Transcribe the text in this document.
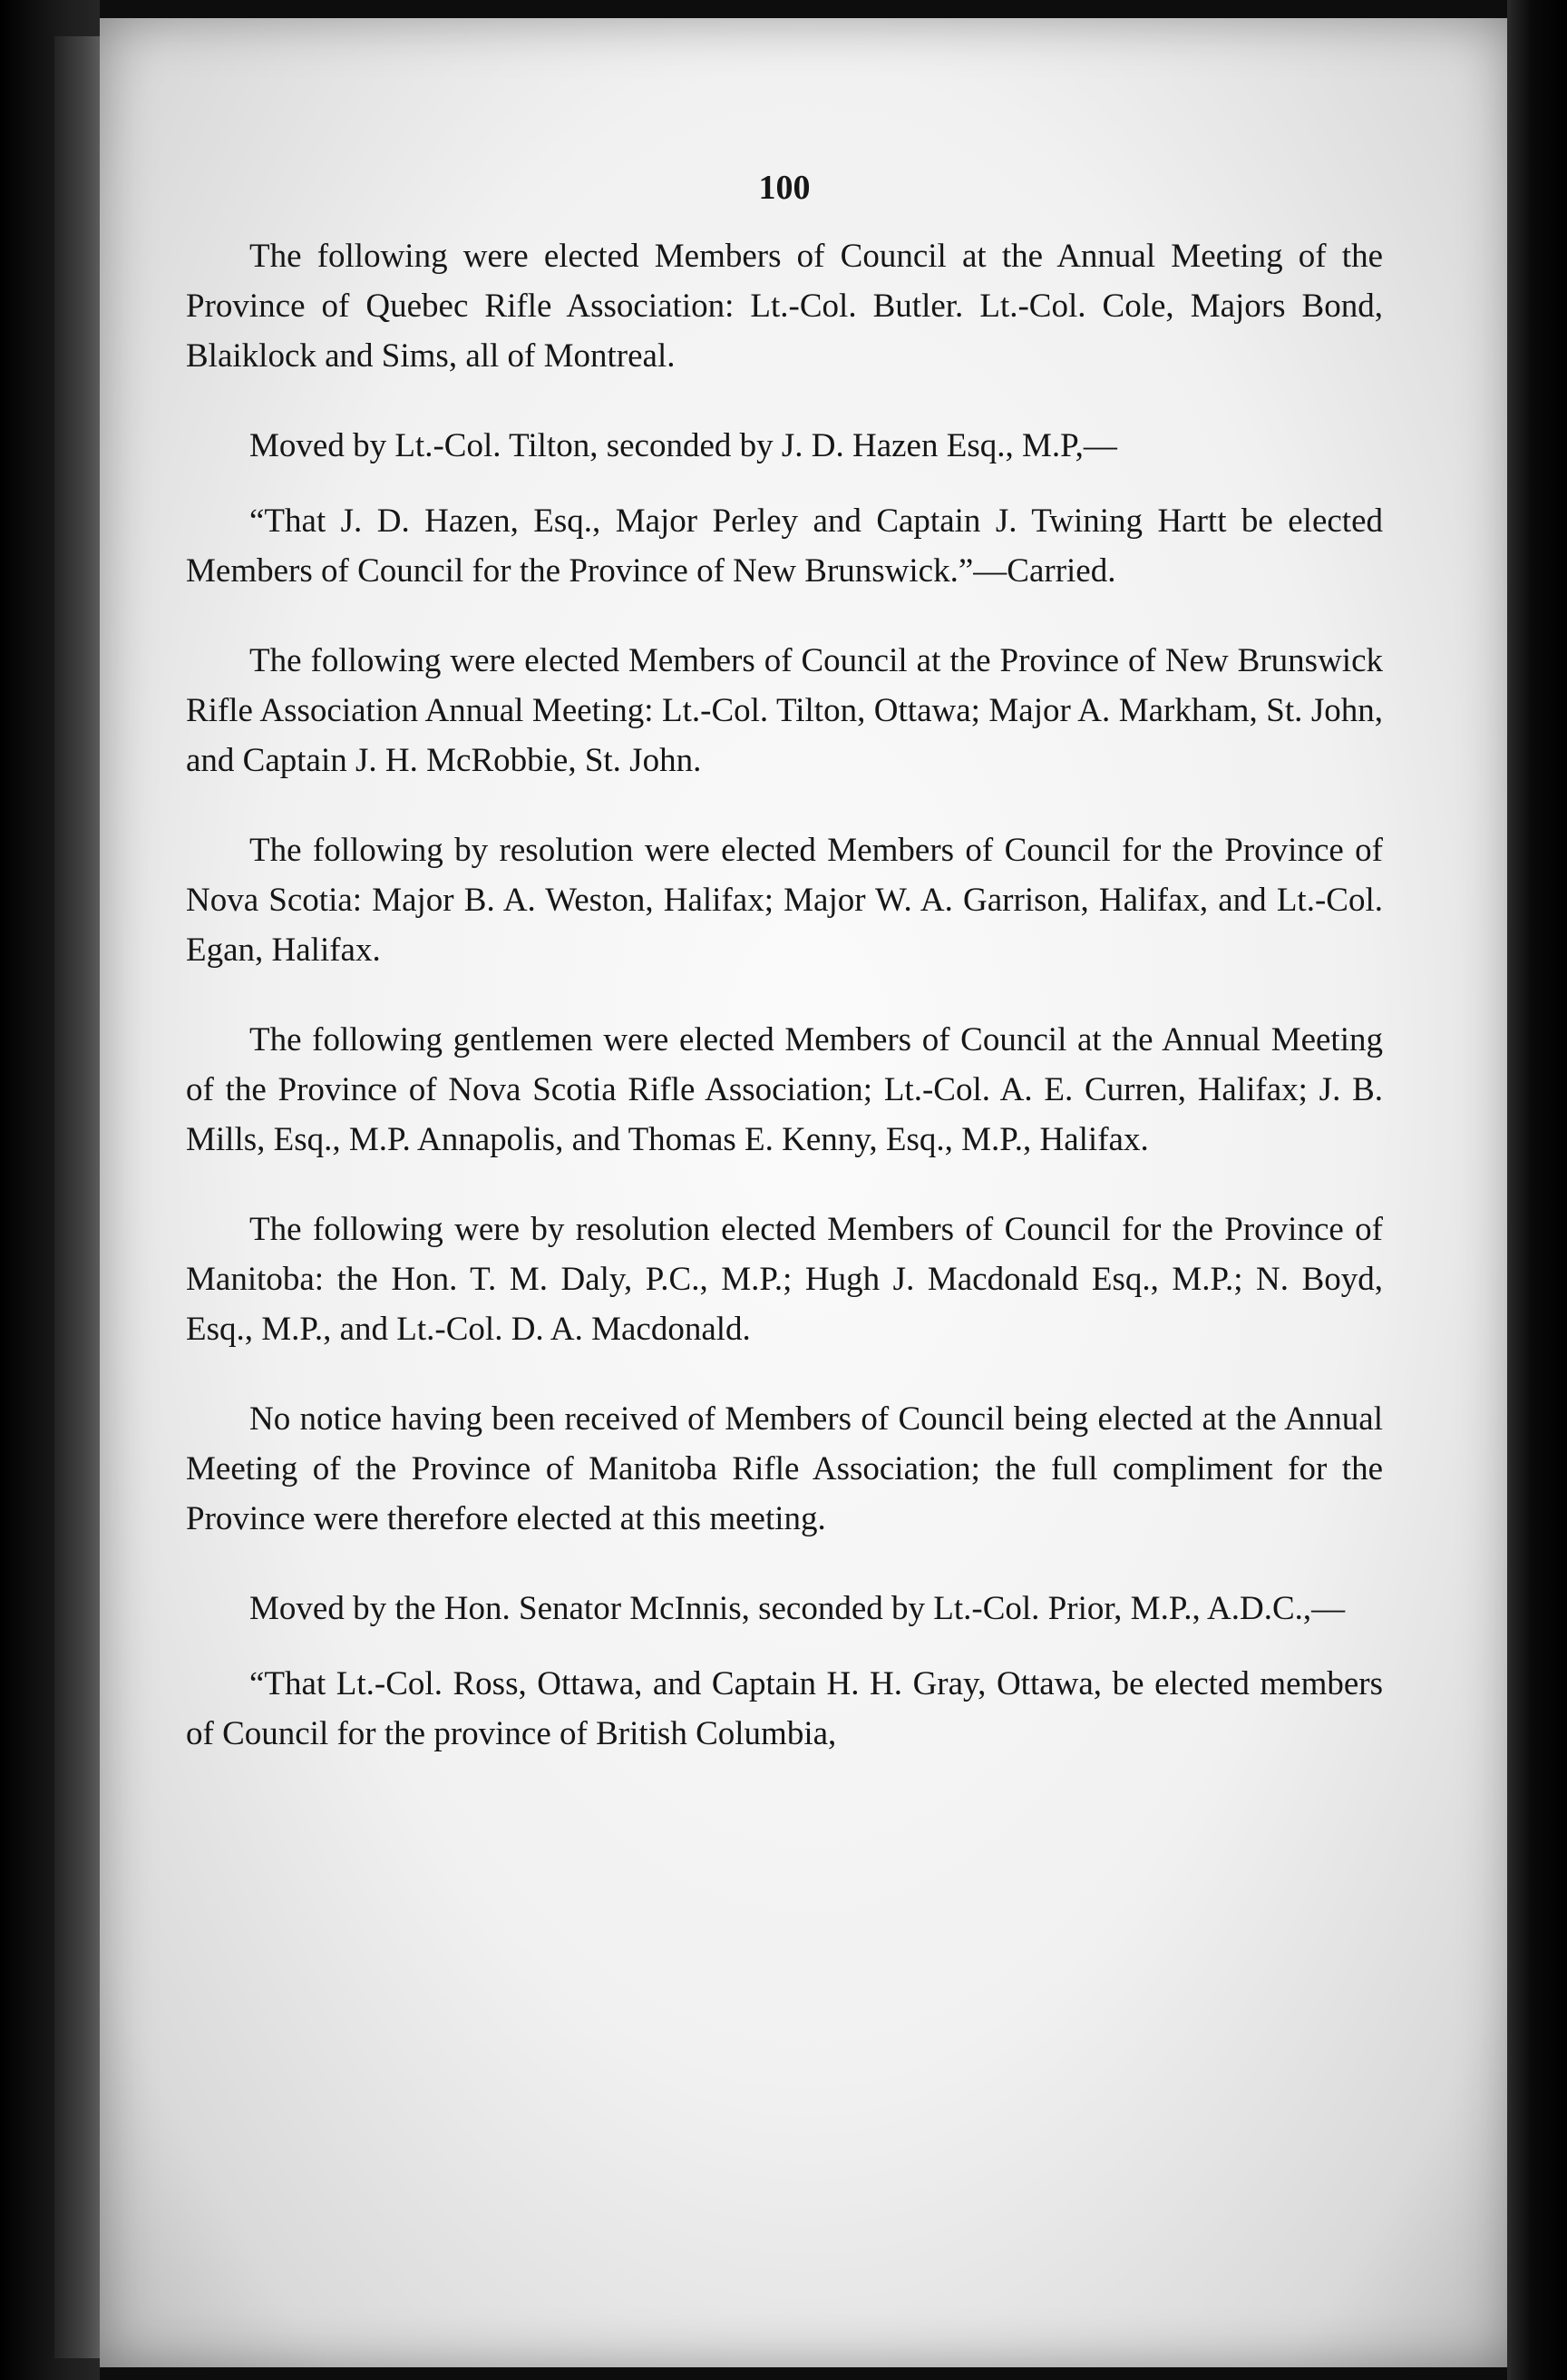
100

The following were elected Members of Council at the Annual Meeting of the Province of Quebec Rifle Association: Lt.-Col. Butler. Lt.-Col. Cole, Majors Bond, Blaiklock and Sims, all of Montreal.

Moved by Lt.-Col. Tilton, seconded by J. D. Hazen Esq., M.P,—

“That J. D. Hazen, Esq., Major Perley and Captain J. Twining Hartt be elected Members of Council for the Province of New Brunswick.”—Carried.

The following were elected Members of Council at the Province of New Brunswick Rifle Association Annual Meeting: Lt.-Col. Tilton, Ottawa; Major A. Markham, St. John, and Captain J. H. McRobbie, St. John.

The following by resolution were elected Members of Council for the Province of Nova Scotia: Major B. A. Weston, Halifax; Major W. A. Garrison, Halifax, and Lt.-Col. Egan, Halifax.

The following gentlemen were elected Members of Council at the Annual Meeting of the Province of Nova Scotia Rifle Association; Lt.-Col. A. E. Curren, Halifax; J. B. Mills, Esq., M.P. Annapolis, and Thomas E. Kenny, Esq., M.P., Halifax.

The following were by resolution elected Members of Council for the Province of Manitoba: the Hon. T. M. Daly, P.C., M.P.; Hugh J. Macdonald Esq., M.P.; N. Boyd, Esq., M.P., and Lt.-Col. D. A. Macdonald.

No notice having been received of Members of Council being elected at the Annual Meeting of the Province of Manitoba Rifle Association; the full compliment for the Province were therefore elected at this meeting.

Moved by the Hon. Senator McInnis, seconded by Lt.-Col. Prior, M.P., A.D.C.,—

“That Lt.-Col. Ross, Ottawa, and Captain H. H. Gray, Ottawa, be elected members of Council for the province of British Columbia,
